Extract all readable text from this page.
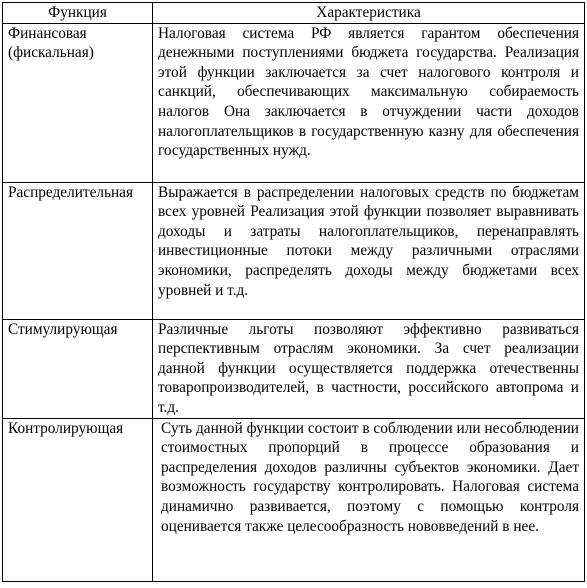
Функция	Характеристика
Финансовая (фискальная)	Налоговая система РФ является гарантом обеспечения денежными поступлениями бюджета государства. Реализация этой функции заключается за счет налогового контроля и санкций, обеспечивающих максимальную собираемость налогов Она заключается в отчуждении части доходов налогоплательщиков в государственную казну для обеспечения государственных нужд.
Распределительная	Выражается в распределении налоговых средств по бюджетам всех уровней Реализация этой функции позволяет выравнивать доходы и затраты налогоплательщиков, перенаправлять инвестиционные потоки между различными отраслями экономики, распределять доходы между бюджетами всех уровней и т.д.
Стимулирующая	Различные льготы позволяют эффективно развиваться перспективным отраслям экономики. За счет реализации данной функции осуществляется поддержка отечественны товаропроизводителей, в частности, российского автопрома и т.д.
Контролирующая	Суть данной функции состоит в соблюдении или несоблюдении стоимостных пропорций в процессе образования и распределения доходов различны субъектов экономики. Дает возможность государству контролировать. Налоговая система динамично развивается, поэтому с помощью контроля оценивается также целесообразность нововведений в нее.
